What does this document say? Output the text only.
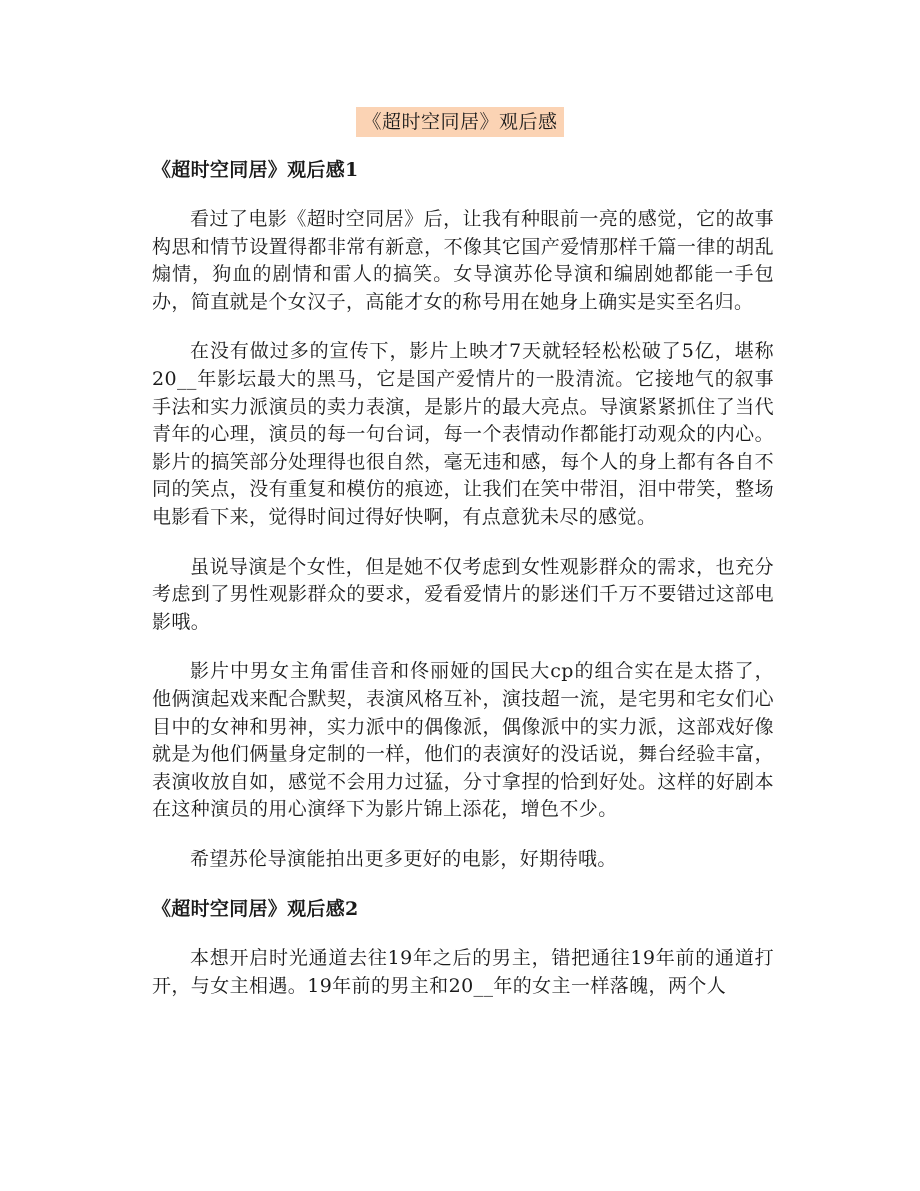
《超时空同居》观后感

《超时空同居》观后感1

看过了电影《超时空同居》后，让我有种眼前一亮的感觉，它的故事构思和情节设置得都非常有新意，不像其它国产爱情那样千篇一律的胡乱煽情，狗血的剧情和雷人的搞笑。女导演苏伦导演和编剧她都能一手包办，简直就是个女汉子，高能才女的称号用在她身上确实是实至名归。

在没有做过多的宣传下，影片上映才7天就轻轻松松破了5亿，堪称20__年影坛最大的黑马，它是国产爱情片的一股清流。它接地气的叙事手法和实力派演员的卖力表演，是影片的最大亮点。导演紧紧抓住了当代青年的心理，演员的每一句台词，每一个表情动作都能打动观众的内心。影片的搞笑部分处理得也很自然，毫无违和感，每个人的身上都有各自不同的笑点，没有重复和模仿的痕迹，让我们在笑中带泪，泪中带笑，整场电影看下来，觉得时间过得好快啊，有点意犹未尽的感觉。

虽说导演是个女性，但是她不仅考虑到女性观影群众的需求，也充分考虑到了男性观影群众的要求，爱看爱情片的影迷们千万不要错过这部电影哦。

影片中男女主角雷佳音和佟丽娅的国民大cp的组合实在是太搭了，他俩演起戏来配合默契，表演风格互补，演技超一流，是宅男和宅女们心目中的女神和男神，实力派中的偶像派，偶像派中的实力派，这部戏好像就是为他们俩量身定制的一样，他们的表演好的没话说，舞台经验丰富，表演收放自如，感觉不会用力过猛，分寸拿捏的恰到好处。这样的好剧本在这种演员的用心演绎下为影片锦上添花，增色不少。

希望苏伦导演能拍出更多更好的电影，好期待哦。

《超时空同居》观后感2

本想开启时光通道去往19年之后的男主，错把通往19年前的通道打开，与女主相遇。19年前的男主和20__年的女主一样落魄，两个人
